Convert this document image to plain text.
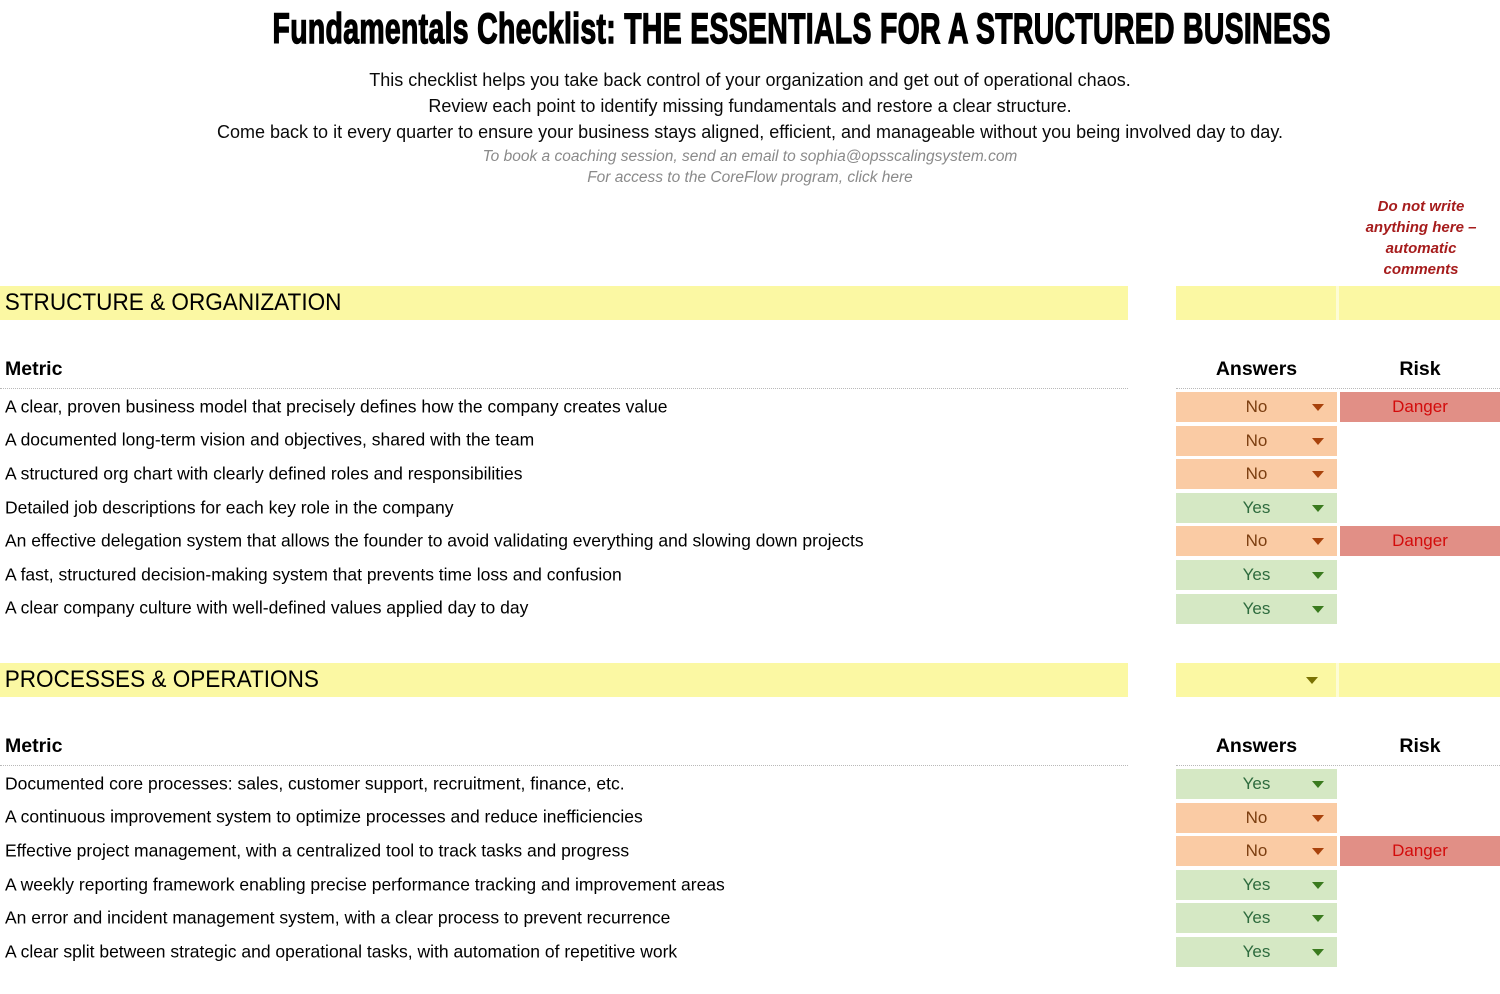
Fundamentals Checklist: THE ESSENTIALS FOR A STRUCTURED BUSINESS
This checklist helps you take back control of your organization and get out of operational chaos.
Review each point to identify missing fundamentals and restore a clear structure.
Come back to it every quarter to ensure your business stays aligned, efficient, and manageable without you being involved day to day.
To book a coaching session, send an email to sophia@opsscalingsystem.com
For access to the CoreFlow program, click here
Do not write anything here – automatic comments
STRUCTURE & ORGANIZATION
Metric	Answers	Risk
A clear, proven business model that precisely defines how the company creates value	No	Danger
A documented long-term vision and objectives, shared with the team	No
A structured org chart with clearly defined roles and responsibilities	No
Detailed job descriptions for each key role in the company	Yes
An effective delegation system that allows the founder to avoid validating everything and slowing down projects	No	Danger
A fast, structured decision-making system that prevents time loss and confusion	Yes
A clear company culture with well-defined values applied day to day	Yes
PROCESSES & OPERATIONS
Metric	Answers	Risk
Documented core processes: sales, customer support, recruitment, finance, etc.	Yes
A continuous improvement system to optimize processes and reduce inefficiencies	No
Effective project management, with a centralized tool to track tasks and progress	No	Danger
A weekly reporting framework enabling precise performance tracking and improvement areas	Yes
An error and incident management system, with a clear process to prevent recurrence	Yes
A clear split between strategic and operational tasks, with automation of repetitive work	Yes
